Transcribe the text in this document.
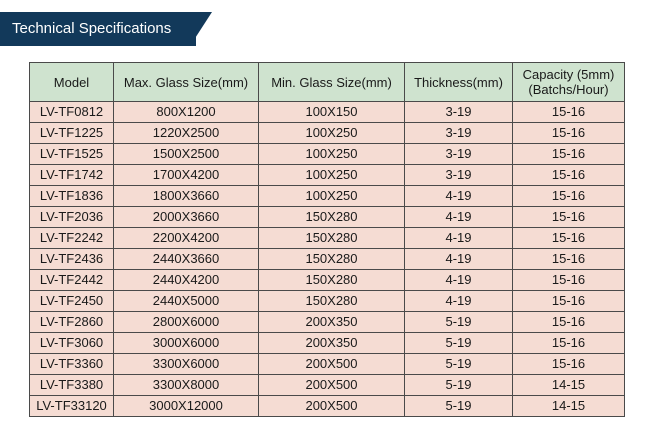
Technical Specifications
Model	Max. Glass Size(mm)	Min. Glass Size(mm)	Thickness(mm)	Capacity (5mm)
(Batchs/Hour)

LV-TF0812	800X1200	100X150	3-19	15-16
LV-TF1225	1220X2500	100X250	3-19	15-16
LV-TF1525	1500X2500	100X250	3-19	15-16
LV-TF1742	1700X4200	100X250	3-19	15-16
LV-TF1836	1800X3660	100X250	4-19	15-16
LV-TF2036	2000X3660	150X280	4-19	15-16
LV-TF2242	2200X4200	150X280	4-19	15-16
LV-TF2436	2440X3660	150X280	4-19	15-16
LV-TF2442	2440X4200	150X280	4-19	15-16
LV-TF2450	2440X5000	150X280	4-19	15-16
LV-TF2860	2800X6000	200X350	5-19	15-16
LV-TF3060	3000X6000	200X350	5-19	15-16
LV-TF3360	3300X6000	200X500	5-19	15-16
LV-TF3380	3300X8000	200X500	5-19	14-15
LV-TF33120	3000X12000	200X500	5-19	14-15
